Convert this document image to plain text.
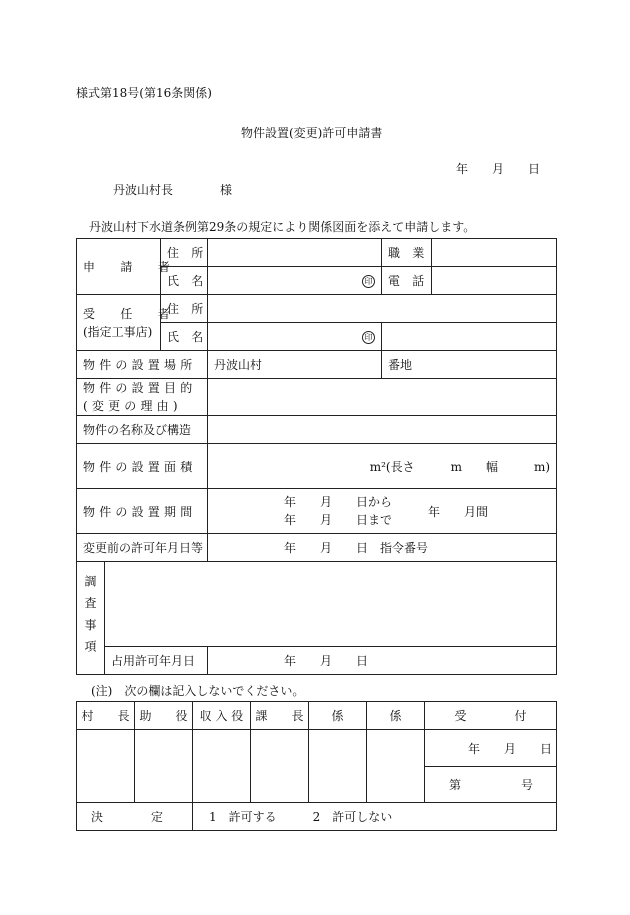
様式第18号(第16条関係)
物件設置(変更)許可申請書
年 月 日
丹波山村長	様
丹波山村下水道条例第29条の規定により関係図面を添えて申請します。
申 請 者		住 所		職 業	
		氏 名	印	電 話	

受 任 者
(指定工事店)		住 所			
		氏 名	印		
物件の設置場所			丹波山村	番地	

物件の設置目的
(変更の理由)					

物件の名称及び構造					
物件の設置面積			m²(長さ　　　m　　幅　　　m)		
物件の設置期間			年　　月　　日から
年　　月　　日まで
年　　月間		

変更前の許可年月日等			年　　月　　日　指令番号		

調査事項					

	占用許可年月日		年　　月　　日		
(注)　次の欄は記入しないでください。
村　　長	助　　役	収 入 役	課　　長	係	係	受　　　　付
						年　　月　　日
						第　　　　　号
決　　　　定		1　許可する　　　2　許可しない				
